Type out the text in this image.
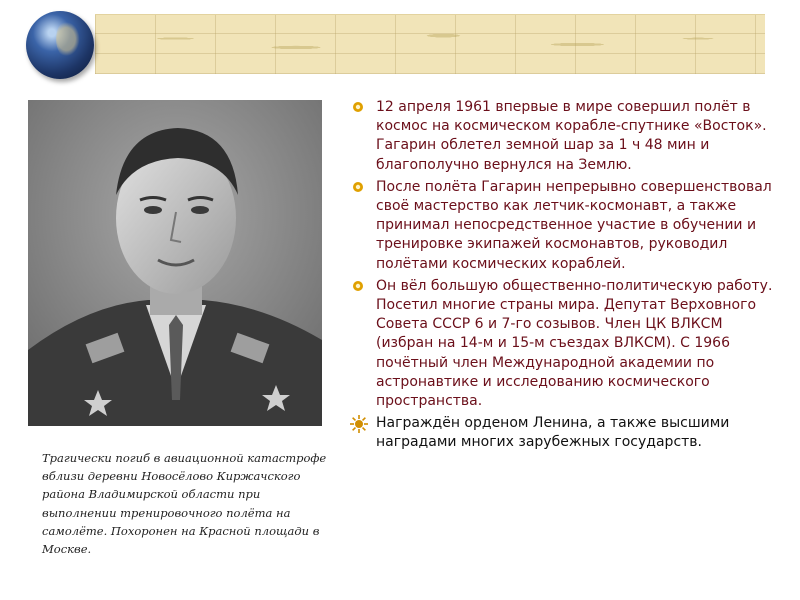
Трагически погиб в авиационной катастрофе вблизи деревни Новосёлово Киржачского района Владимирской области при выполнении тренировочного полёта на самолёте. Похоронен на Красной площади в Москве.

12 апреля 1961 впервые в мире совершил полёт в космос на космическом корабле-спутнике «Восток». Гагарин облетел земной шар за 1 ч 48 мин и благополучно вернулся на Землю.
После полёта Гагарин непрерывно совершенствовал своё мастерство как летчик-космонавт, а также принимал непосредственное участие в обучении и тренировке экипажей космонавтов, руководил полётами космических кораблей.
Он вёл большую общественно-политическую работу. Посетил многие страны мира. Депутат Верховного Совета СССР 6 и 7-го созывов. Член ЦК ВЛКСМ (избран на 14-м и 15-м съездах ВЛКСМ). С 1966 почётный член Международной академии по астронавтике и исследованию космического пространства.
Награждён орденом Ленина, а также высшими наградами многих зарубежных государств.
